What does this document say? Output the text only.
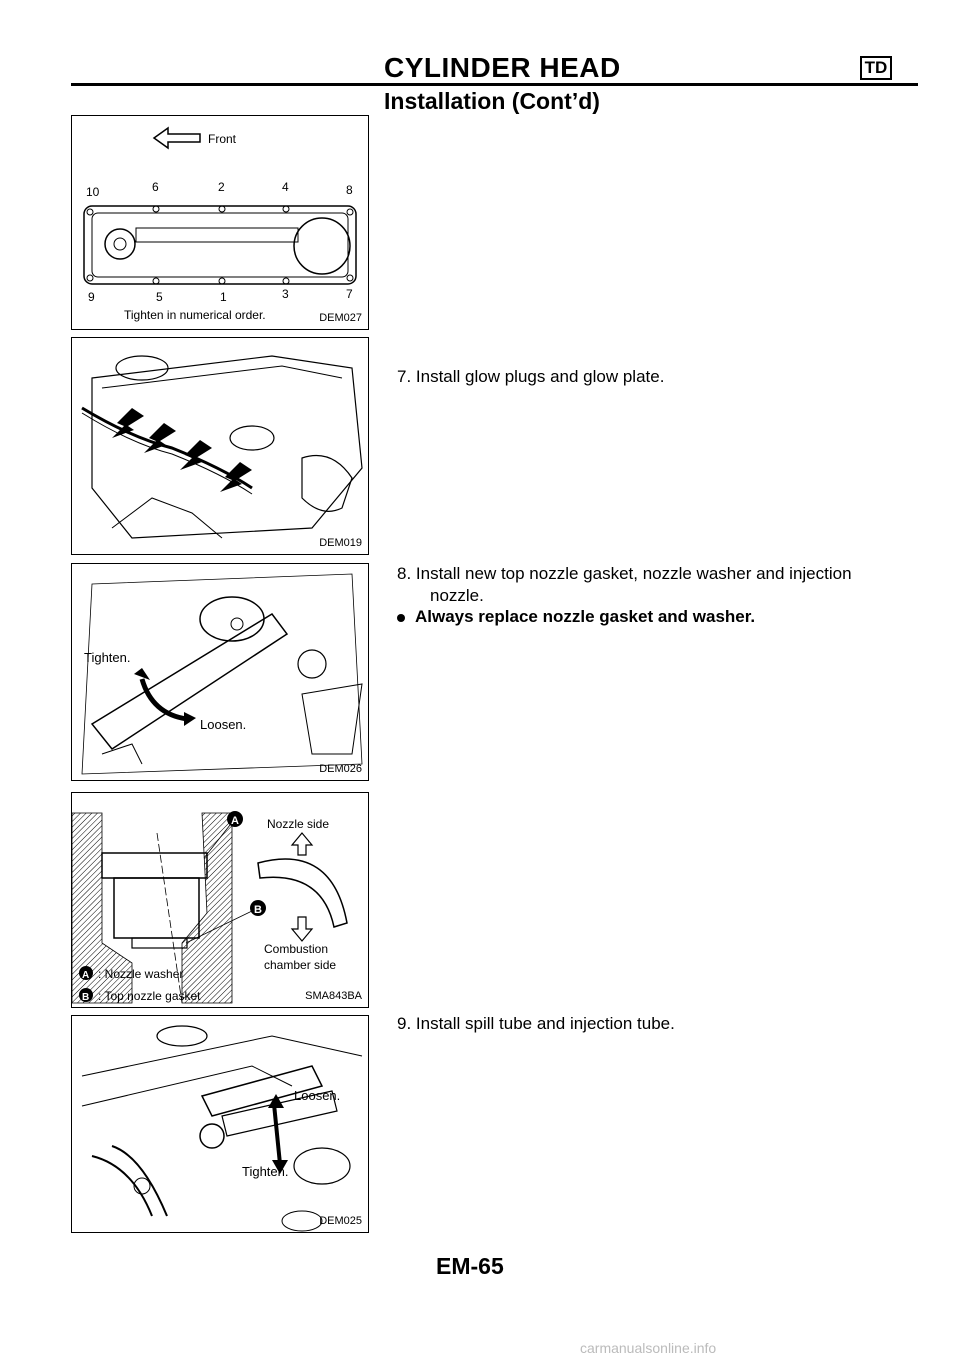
CYLINDER HEAD	TD
Installation (Cont’d)
Front
10	6	2	4	8
9	5	1	3	7
Tighten in numerical order.	DEM027
DEM019
7. Install glow plugs and glow plate.
Tighten.
Loosen.
DEM026
8. Install new top nozzle gasket, nozzle washer and injection nozzle.
Always replace nozzle gasket and washer.
A
B
Nozzle side
Combustion
chamber side
A : Nozzle washer
B : Top nozzle gasket	SMA843BA
Loosen.
Tighten.
DEM025
9. Install spill tube and injection tube.
EM-65
carmanualsonline.info
